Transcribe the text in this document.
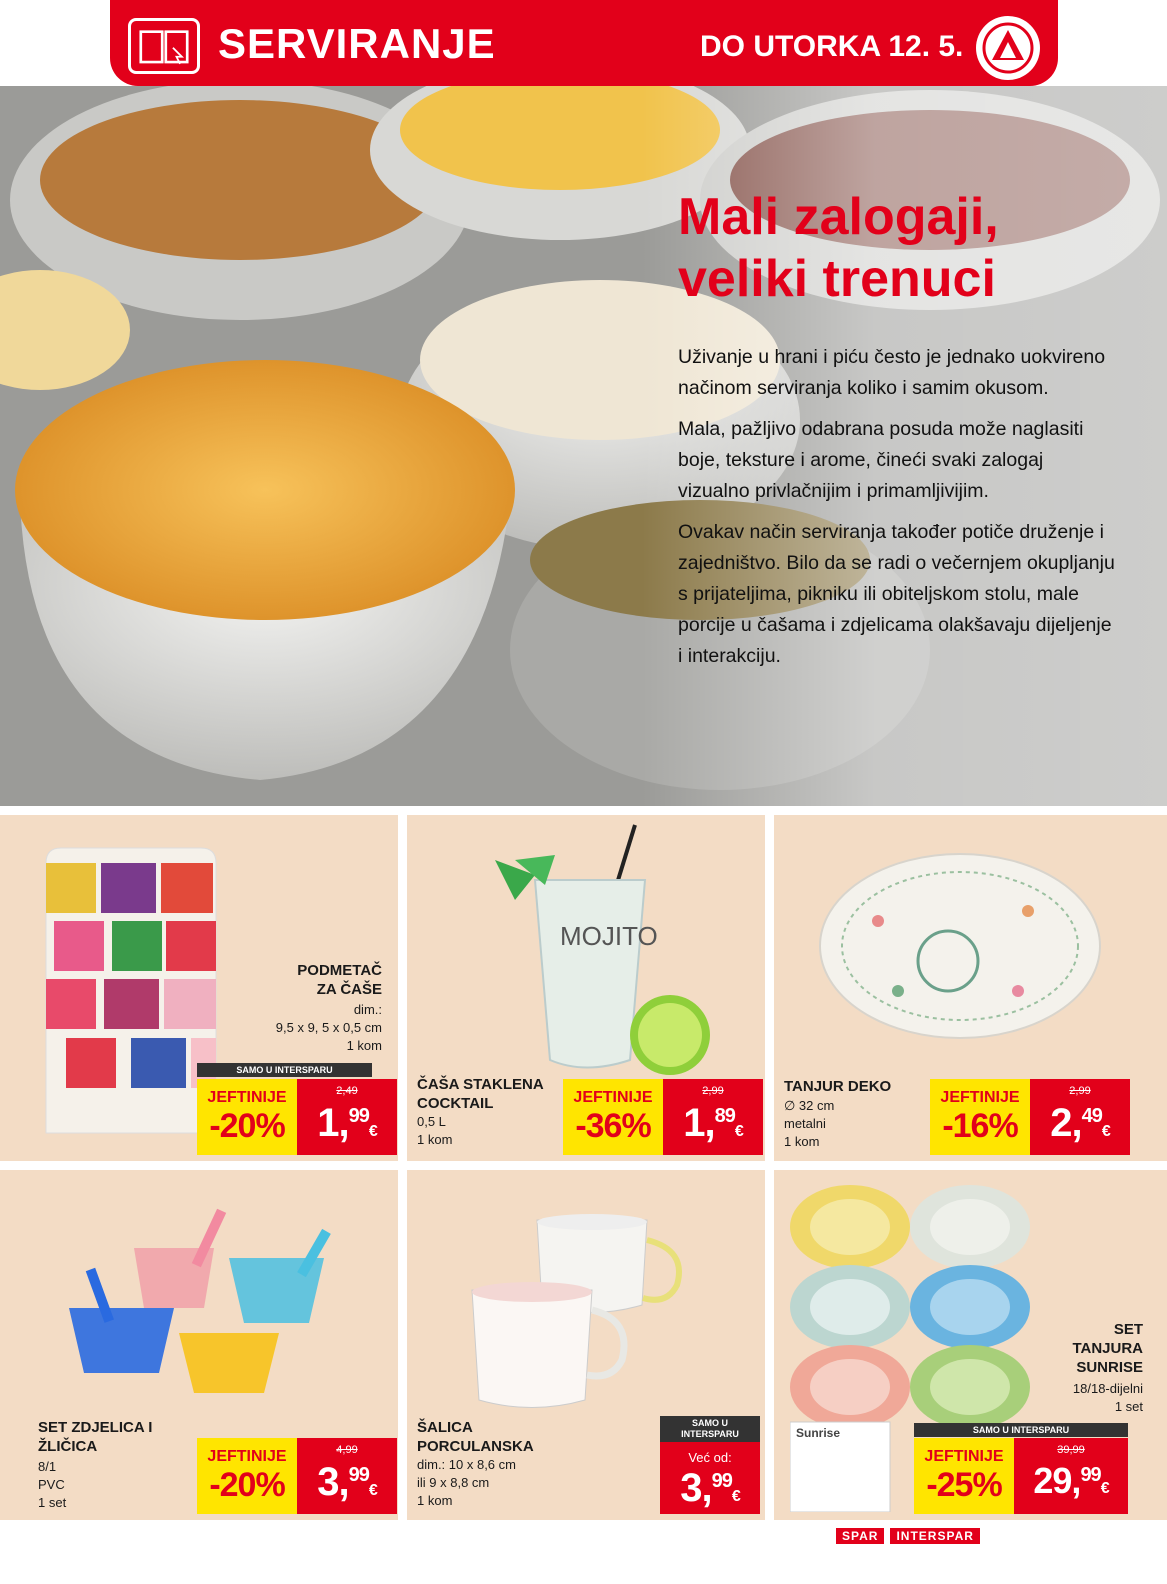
SERVIRANJE	DO UTORKA 12. 5.
Mali zalogaji,
veliki trenuci

Uživanje u hrani i piću često je jednako uokvireno načinom serviranja koliko i samim okusom.

Mala, pažljivo odabrana posuda može naglasiti boje, teksture i arome, čineći svaki zalogaj vizualno privlačnijim i primamljivijim.

Ovakav način serviranja također potiče druženje i zajedništvo. Bilo da se radi o večernjem okupljanju s prijateljima, pikniku ili obiteljskom stolu, male porcije u čašama i zdjelicama olakšavaju dijeljenje i interakciju.

PODMETAČ
ZA ČAŠE
dim.:
9,5 x 9, 5 x 0,5 cm
1 kom
SAMO U INTERSPARU
JEFTINIJE
-20%
2,49
1,99€
MOJITO
ČAŠA STAKLENA
COCKTAIL
0,5 L
1 kom
JEFTINIJE
-36%
2,99
1,89€
TANJUR DEKO
∅ 32 cm
metalni
1 kom
JEFTINIJE
-16%
2,99
2,49€
SET ZDJELICA I
ŽLIČICA
8/1
PVC
1 set
JEFTINIJE
-20%
4,99
3,99€
ŠALICA
PORCULANSKA
dim.: 10 x 8,6 cm
ili 9 x 8,8 cm
1 kom
SAMO U
INTERSPARU
Već od:
3,99€
Sunrise
SET
TANJURA
SUNRISE
18/18-dijelni
1 set
SAMO U INTERSPARU
JEFTINIJE
-25%
39,99
29,99€
SPAR	INTERSPAR
